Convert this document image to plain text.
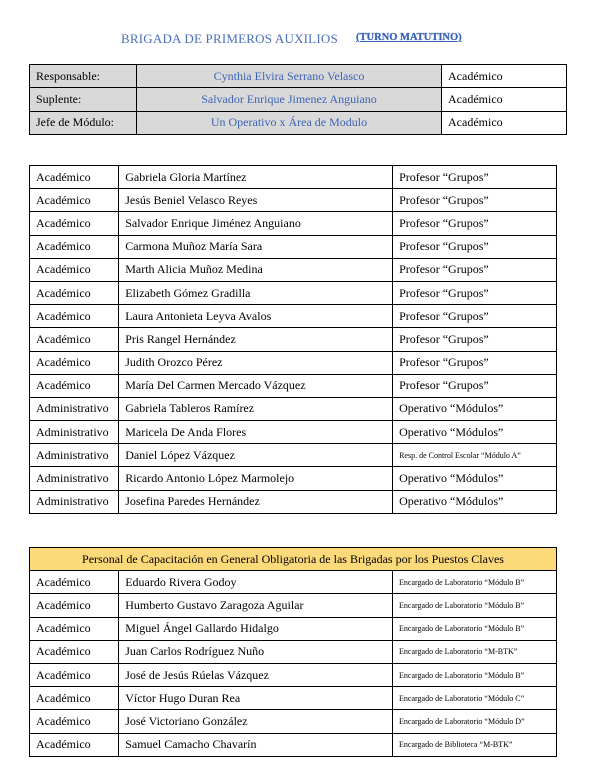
BRIGADA DE PRIMEROS AUXILIOS (TURNO MATUTINO)
Responsable:	Cynthia Elvira Serrano Velasco	Académico
Suplente:	Salvador Enrique Jimenez Anguiano	Académico
Jefe de Módulo:	Un Operativo x Área de Modulo	Académico
Académico	Gabriela Gloria Martínez	Profesor “Grupos”
Académico	Jesús Beniel Velasco Reyes	Profesor “Grupos”
Académico	Salvador Enrique Jiménez Anguiano	Profesor “Grupos”
Académico	Carmona Muñoz María Sara	Profesor “Grupos”
Académico	Marth Alicia Muñoz Medina	Profesor “Grupos”
Académico	Elizabeth Gómez Gradilla	Profesor “Grupos”
Académico	Laura Antonieta Leyva Avalos	Profesor “Grupos”
Académico	Pris Rangel Hernández	Profesor “Grupos”
Académico	Judith Orozco Pérez	Profesor “Grupos”
Académico	María Del Carmen Mercado Vázquez	Profesor “Grupos”
Administrativo	Gabriela Tableros Ramírez	Operativo “Módulos”
Administrativo	Maricela De Anda Flores	Operativo “Módulos”
Administrativo	Daniel López Vázquez	Resp. de Control Escolar “Módulo A”
Administrativo	Ricardo Antonio López Marmolejo	Operativo “Módulos”
Administrativo	Josefina Paredes Hernández	Operativo “Módulos”
Personal de Capacitación en General Obligatoria de las Brigadas por los Puestos Claves		
Académico	Eduardo Rivera Godoy	Encargado de Laboratorio “Módulo B”
Académico	Humberto Gustavo Zaragoza Aguilar	Encargado de Laboratorio “Módulo B”
Académico	Miguel Ángel Gallardo Hidalgo	Encargado de Laboratorio “Módulo B”
Académico	Juan Carlos Rodríguez Nuño	Encargado de Laboratorio “M-BTK”
Académico	José de Jesús Rúelas Vázquez	Encargado de Laboratorio “Módulo B”
Académico	Víctor Hugo Duran Rea	Encargado de Laboratorio “Módulo C”
Académico	José Victoriano González	Encargado de Laboratorio “Módulo D”
Académico	Samuel Camacho Chavarín	Encargado de Biblioteca “M-BTK”
